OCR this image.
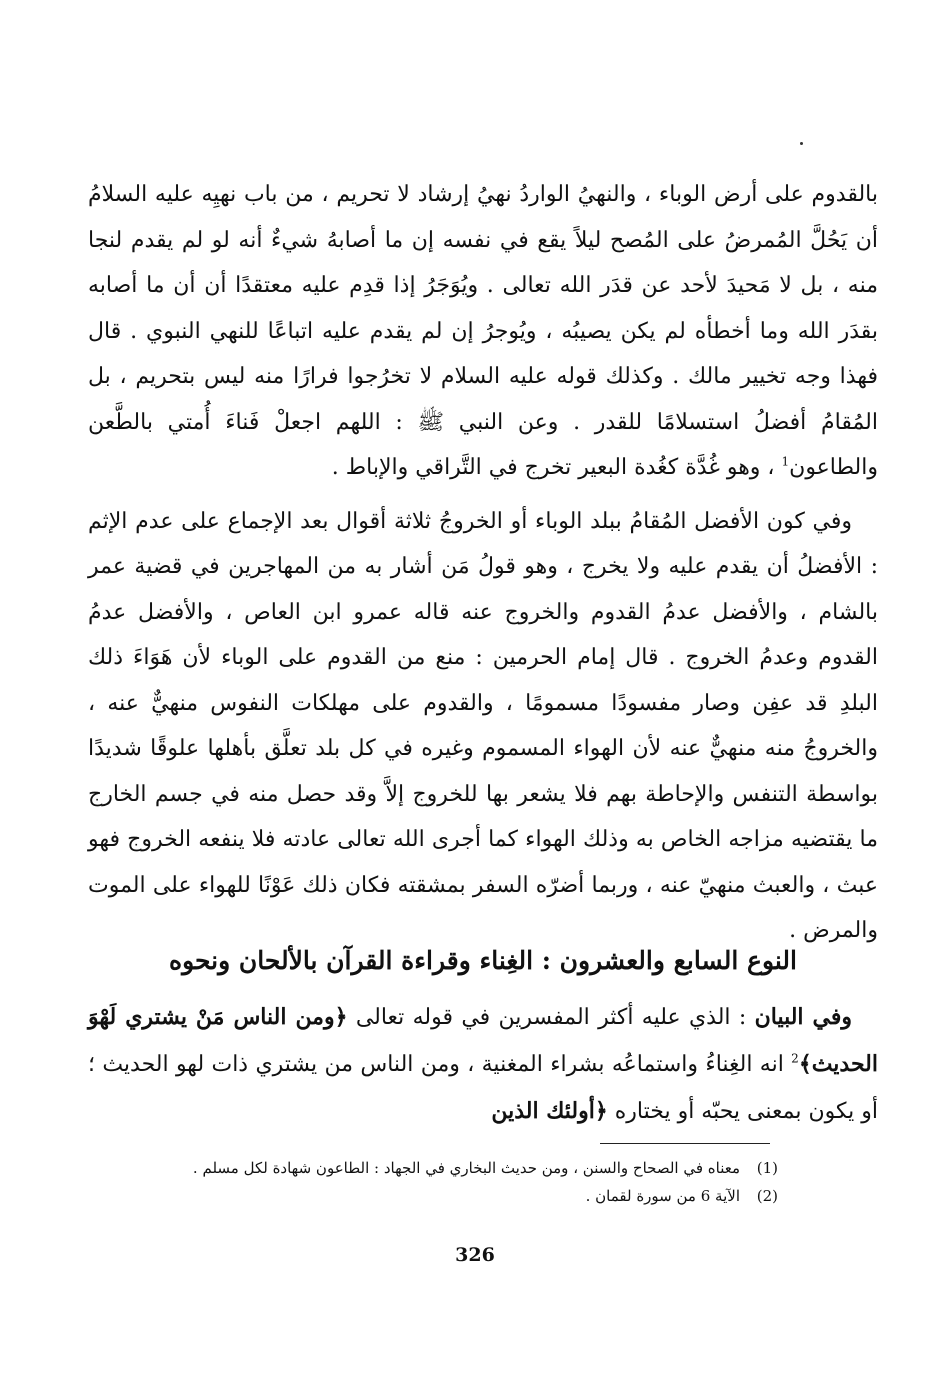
بالقدوم على أرض الوباء ، والنهيُ الواردُ نهيُ إرشاد لا تحريم ، من باب نهيِه عليه السلامُ أن يَحُلَّ المُمرضُ على المُصح ليلاً يقع في نفسه إن ما أصابهُ شيءٌ أنه لو لم يقدم لنجا منه ، بل لا مَحيدَ لأحد عن قدَر الله تعالى . ويُوَجَرُ إذا قدِم عليه معتقدًا أن أن ما أصابه بقدَر الله وما أخطأه لم يكن يصيبُه ، ويُوجرُ إن لم يقدم عليه اتباعًا للنهي النبوي . قال فهذا وجه تخيير مالك . وكذلك قوله عليه السلام لا تخرُجوا فرارًا منه ليس بتحريم ، بل المُقامُ أفضلُ استسلامًا للقدر . وعن النبي ﷺ : اللهم اجعلْ فَناءَ أُمتي بالطَّعن والطاعون$^1$ ، وهو غُدَّة كغُدة البعير تخرج في التَّراقي والإباط .

وفي كون الأفضل المُقامُ ببلد الوباء أو الخروجُ ثلاثة أقوال بعد الإجماع على عدم الإثم : الأفضلُ أن يقدم عليه ولا يخرج ، وهو قولُ مَن أشار به من المهاجرين في قضية عمر بالشام ، والأفضل عدمُ القدوم والخروج عنه قاله عمرو ابن العاص ، والأفضل عدمُ القدوم وعدمُ الخروج . قال إمام الحرمين : منع من القدوم على الوباء لأن هَوَاءَ ذلك البلدِ قد عفِن وصار مفسودًا مسمومًا ، والقدوم على مهلكات النفوس منهيٌّ عنه ، والخروجُ منه منهيٌّ عنه لأن الهواء المسموم وغيره في كل بلد تعلَّق بأهلها علوقًا شديدًا بواسطة التنفس والإحاطة بهم فلا يشعر بها للخروج إلاَّ وقد حصل منه في جسم الخارج ما يقتضيه مزاجه الخاص به وذلك الهواء كما أجرى الله تعالى عادته فلا ينفعه الخروج فهو عبث ، والعبث منهيّ عنه ، وربما أضرّه السفر بمشقته فكان ذلك عَوْنًا للهواء على الموت والمرض .

النوع السابع والعشرون : الغِناء وقراءة القرآن بالألحان ونحوه

وفي البيان : الذي عليه أكثر المفسرين في قوله تعالى ﴿ومن الناس مَنْ يشتري لَهْوَ الحديث﴾$^2$ انه الغِناءُ واستماعُه بشراء المغنية ، ومن الناس من يشتري ذات لهو الحديث ؛ أو يكون بمعنى يحبّه أو يختاره ﴿أولئك الذين

(1)
معناه في الصحاح والسنن ، ومن حديث البخاري في الجهاد : الطاعون شهادة لكل مسلم .
(2)
الآية 6 من سورة لقمان .
326
